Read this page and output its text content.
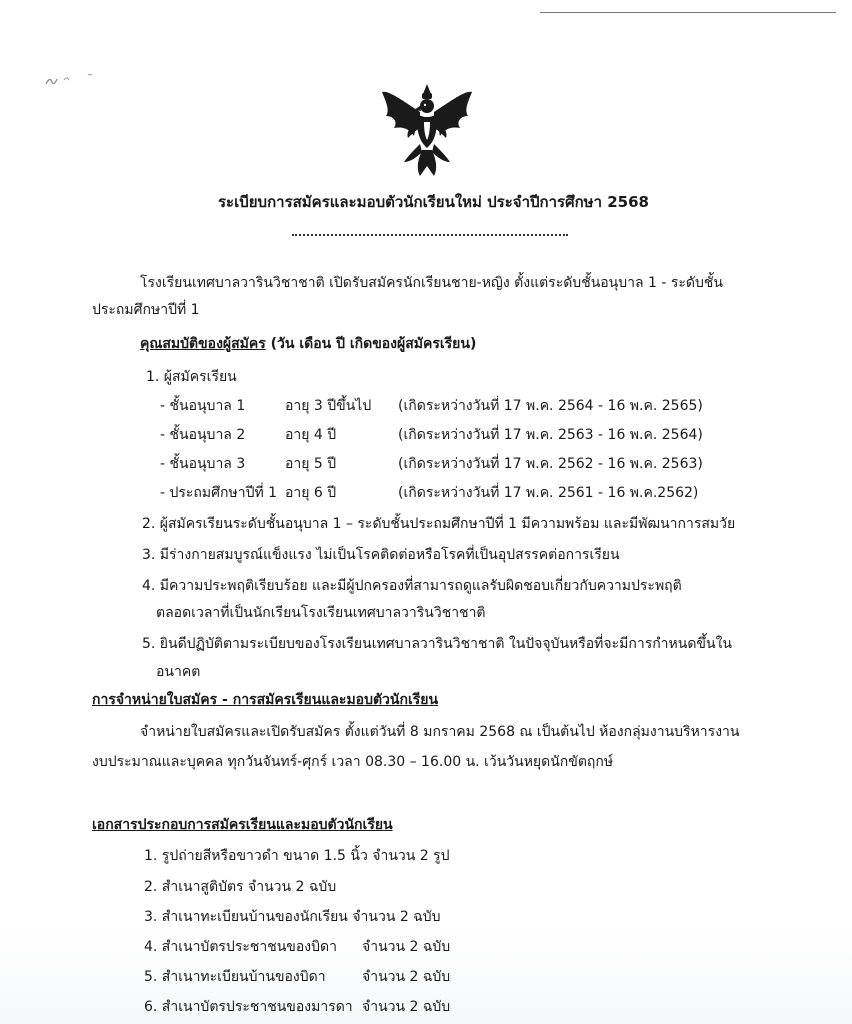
ระเบียบการสมัครและมอบตัวนักเรียนใหม่ ประจำปีการศึกษา 2568
โรงเรียนเทศบาลวารินวิชาชาติ เปิดรับสมัครนักเรียนชาย-หญิง ตั้งแต่ระดับชั้นอนุบาล 1 - ระดับชั้น
ประถมศึกษาปีที่ 1
คุณสมบัติของผู้สมัคร (วัน เดือน ปี เกิดของผู้สมัครเรียน)
1. ผู้สมัครเรียน
- ชั้นอนุบาล 1	อายุ 3 ปีขึ้นไป (เกิดระหว่างวันที่ 17 พ.ค. 2564 - 16 พ.ค. 2565)
- ชั้นอนุบาล 2	อายุ 4 ปี	(เกิดระหว่างวันที่ 17 พ.ค. 2563 - 16 พ.ค. 2564)
- ชั้นอนุบาล 3	อายุ 5 ปี	(เกิดระหว่างวันที่ 17 พ.ค. 2562 - 16 พ.ค. 2563)
- ประถมศึกษาปีที่ 1 อายุ 6 ปี	(เกิดระหว่างวันที่ 17 พ.ค. 2561 - 16 พ.ค.2562)
2. ผู้สมัครเรียนระดับชั้นอนุบาล 1 – ระดับชั้นประถมศึกษาปีที่ 1 มีความพร้อม และมีพัฒนาการสมวัย
3. มีร่างกายสมบูรณ์แข็งแรง ไม่เป็นโรคติดต่อหรือโรคที่เป็นอุปสรรคต่อการเรียน
4. มีความประพฤติเรียบร้อย และมีผู้ปกครองที่สามารถดูแลรับผิดชอบเกี่ยวกับความประพฤติ
ตลอดเวลาที่เป็นนักเรียนโรงเรียนเทศบาลวารินวิชาชาติ
5. ยินดีปฏิบัติตามระเบียบของโรงเรียนเทศบาลวารินวิชาชาติ ในปัจจุบันหรือที่จะมีการกำหนดขึ้นใน
อนาคต
การจำหน่ายใบสมัคร - การสมัครเรียนและมอบตัวนักเรียน
จำหน่ายใบสมัครและเปิดรับสมัคร ตั้งแต่วันที่ 8 มกราคม 2568 ณ เป็นต้นไป ห้องกลุ่มงานบริหารงาน
งบประมาณและบุคคล ทุกวันจันทร์-ศุกร์ เวลา 08.30 – 16.00 น. เว้นวันหยุดนักขัตฤกษ์
เอกสารประกอบการสมัครเรียนและมอบตัวนักเรียน
1. รูปถ่ายสีหรือขาวดำ ขนาด 1.5 นิ้ว จำนวน 2 รูป
2. สำเนาสูติบัตร จำนวน 2 ฉบับ
3. สำเนาทะเบียนบ้านของนักเรียน จำนวน 2 ฉบับ
4. สำเนาบัตรประชาชนของบิดา จำนวน 2 ฉบับ
5. สำเนาทะเบียนบ้านของบิดา	จำนวน 2 ฉบับ
6. สำเนาบัตรประชาชนของมารดา จำนวน 2 ฉบับ
